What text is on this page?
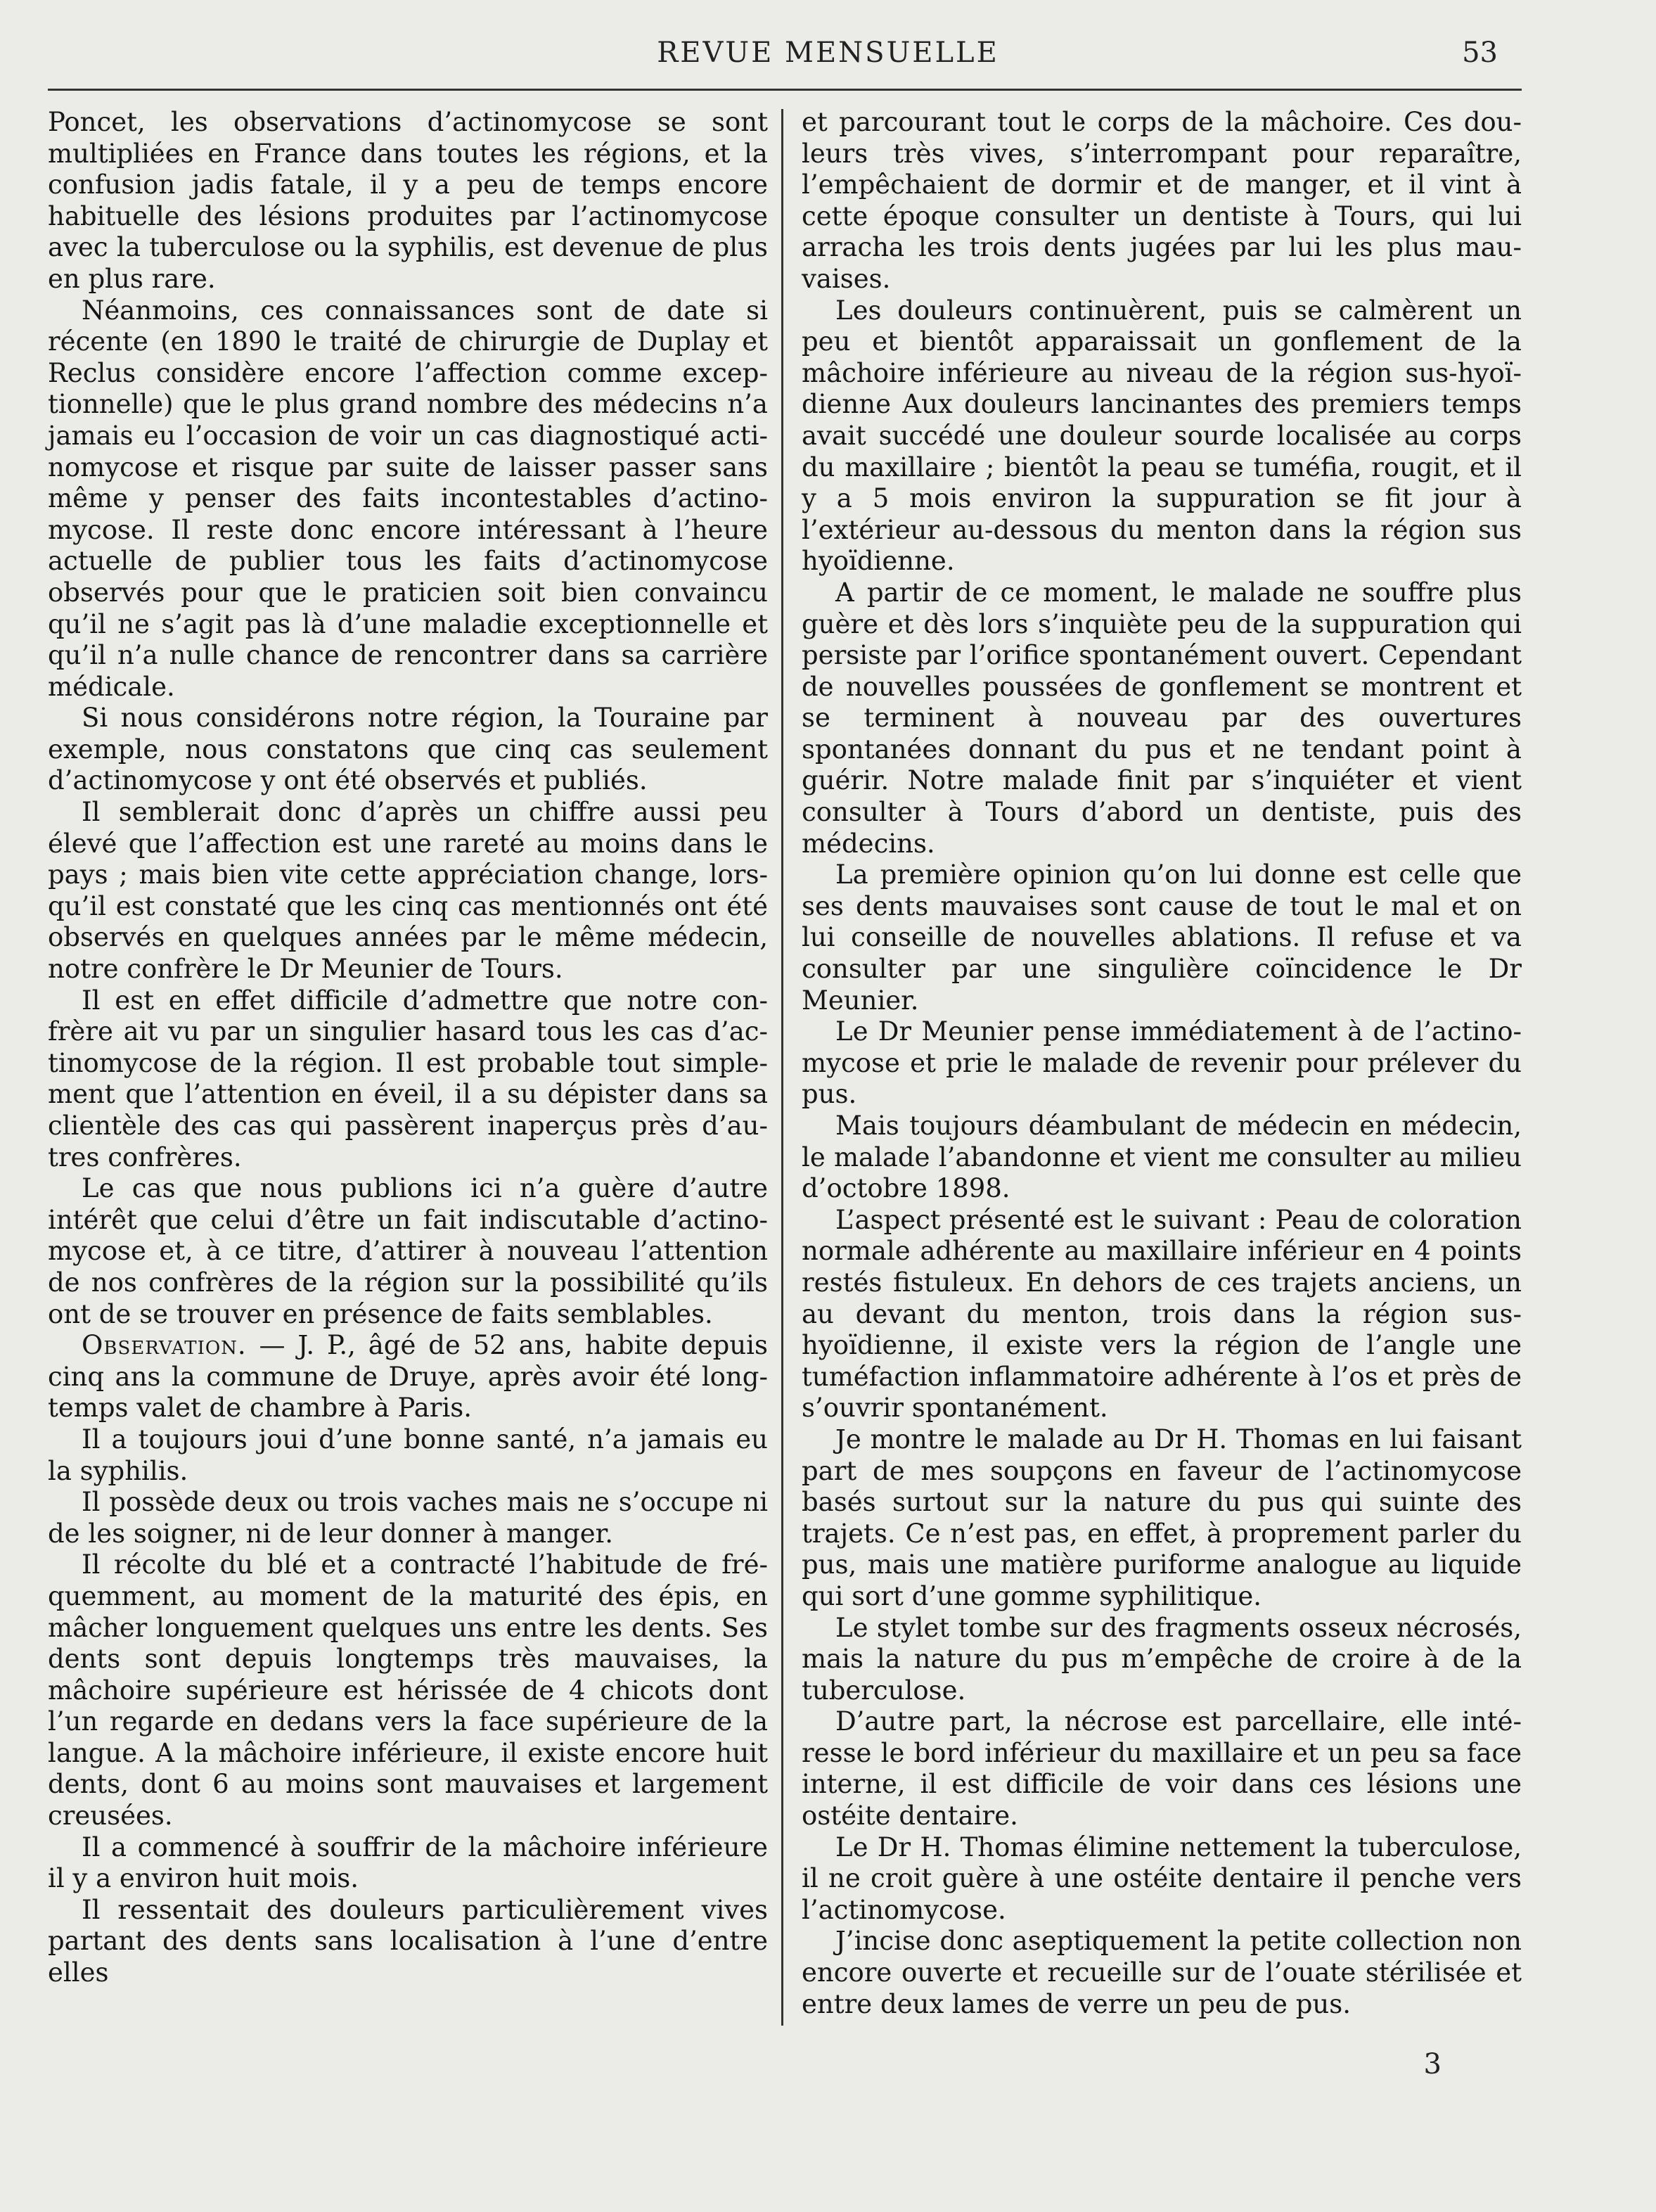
REVUE MENSUELLE	53

Poncet, les observations d’actinomycose se sont multipliées en France dans toutes les régions, et la confusion jadis fatale, il y a peu de temps encore habituelle des lésions produites par l’actinomycose avec la tuberculose ou la syphilis, est devenue de plus en plus rare.

Néanmoins, ces connaissances sont de date si récente (en 1890 le traité de chirurgie de Duplay et Reclus considère encore l’affection comme exceptionnelle) que le plus grand nombre des médecins n’a jamais eu l’occasion de voir un cas diagnostiqué actinomycose et risque par suite de laisser passer sans même y penser des faits incontestables d’actinomycose. Il reste donc encore intéressant à l’heure actuelle de publier tous les faits d’actinomycose observés pour que le praticien soit bien convaincu qu’il ne s’agit pas là d’une maladie exceptionnelle et qu’il n’a nulle chance de rencontrer dans sa carrière médicale.

Si nous considérons notre région, la Touraine par exemple, nous constatons que cinq cas seulement d’actinomycose y ont été observés et publiés.

Il semblerait donc d’après un chiffre aussi peu élevé que l’affection est une rareté au moins dans le pays ; mais bien vite cette appréciation change, lorsqu’il est constaté que les cinq cas mentionnés ont été observés en quelques années par le même médecin, notre confrère le Dr Meunier de Tours.

Il est en effet difficile d’admettre que notre confrère ait vu par un singulier hasard tous les cas d’actinomycose de la région. Il est probable tout simplement que l’attention en éveil, il a su dépister dans sa clientèle des cas qui passèrent inaperçus près d’autres confrères.

Le cas que nous publions ici n’a guère d’autre intérêt que celui d’être un fait indiscutable d’actinomycose et, à ce titre, d’attirer à nouveau l’attention de nos confrères de la région sur la possibilité qu’ils ont de se trouver en présence de faits semblables.

Observation. — J. P., âgé de 52 ans, habite depuis cinq ans la commune de Druye, après avoir été longtemps valet de chambre à Paris.

Il a toujours joui d’une bonne santé, n’a jamais eu la syphilis.

Il possède deux ou trois vaches mais ne s’occupe ni de les soigner, ni de leur donner à manger.

Il récolte du blé et a contracté l’habitude de fréquemment, au moment de la maturité des épis, en mâcher longuement quelques uns entre les dents. Ses dents sont depuis longtemps très mauvaises, la mâchoire supérieure est hérissée de 4 chicots dont l’un regarde en dedans vers la face supérieure de la langue. A la mâchoire inférieure, il existe encore huit dents, dont 6 au moins sont mauvaises et largement creusées.

Il a commencé à souffrir de la mâchoire inférieure il y a environ huit mois.

Il ressentait des douleurs particulièrement vives partant des dents sans localisation à l’une d’entre elles

et parcourant tout le corps de la mâchoire. Ces douleurs très vives, s’interrompant pour reparaître, l’empêchaient de dormir et de manger, et il vint à cette époque consulter un dentiste à Tours, qui lui arracha les trois dents jugées par lui les plus mauvaises.

Les douleurs continuèrent, puis se calmèrent un peu et bientôt apparaissait un gonflement de la mâchoire inférieure au niveau de la région sus-hyoïdienne Aux douleurs lancinantes des premiers temps avait succédé une douleur sourde localisée au corps du maxillaire ; bientôt la peau se tuméfia, rougit, et il y a 5 mois environ la suppuration se fit jour à l’extérieur au-dessous du menton dans la région sus hyoïdienne.

A partir de ce moment, le malade ne souffre plus guère et dès lors s’inquiète peu de la suppuration qui persiste par l’orifice spontanément ouvert. Cependant de nouvelles poussées de gonflement se montrent et se terminent à nouveau par des ouvertures spontanées donnant du pus et ne tendant point à guérir. Notre malade finit par s’inquiéter et vient consulter à Tours d’abord un dentiste, puis des médecins.

La première opinion qu’on lui donne est celle que ses dents mauvaises sont cause de tout le mal et on lui conseille de nouvelles ablations. Il refuse et va consulter par une singulière coïncidence le Dr Meunier.

Le Dr Meunier pense immédiatement à de l’actinomycose et prie le malade de revenir pour prélever du pus.

Mais toujours déambulant de médecin en médecin, le malade l’abandonne et vient me consulter au milieu d’octobre 1898.

L’aspect présenté est le suivant : Peau de coloration normale adhérente au maxillaire inférieur en 4 points restés fistuleux. En dehors de ces trajets anciens, un au devant du menton, trois dans la région sus-hyoïdienne, il existe vers la région de l’angle une tuméfaction inflammatoire adhérente à l’os et près de s’ouvrir spontanément.

Je montre le malade au Dr H. Thomas en lui faisant part de mes soupçons en faveur de l’actinomycose basés surtout sur la nature du pus qui suinte des trajets. Ce n’est pas, en effet, à proprement parler du pus, mais une matière puriforme analogue au liquide qui sort d’une gomme syphilitique.

Le stylet tombe sur des fragments osseux nécrosés, mais la nature du pus m’empêche de croire à de la tuberculose.

D’autre part, la nécrose est parcellaire, elle intéresse le bord inférieur du maxillaire et un peu sa face interne, il est difficile de voir dans ces lésions une ostéite dentaire.

Le Dr H. Thomas élimine nettement la tuberculose, il ne croit guère à une ostéite dentaire il penche vers l’actinomycose.

J’incise donc aseptiquement la petite collection non encore ouverte et recueille sur de l’ouate stérilisée et entre deux lames de verre un peu de pus.

3
